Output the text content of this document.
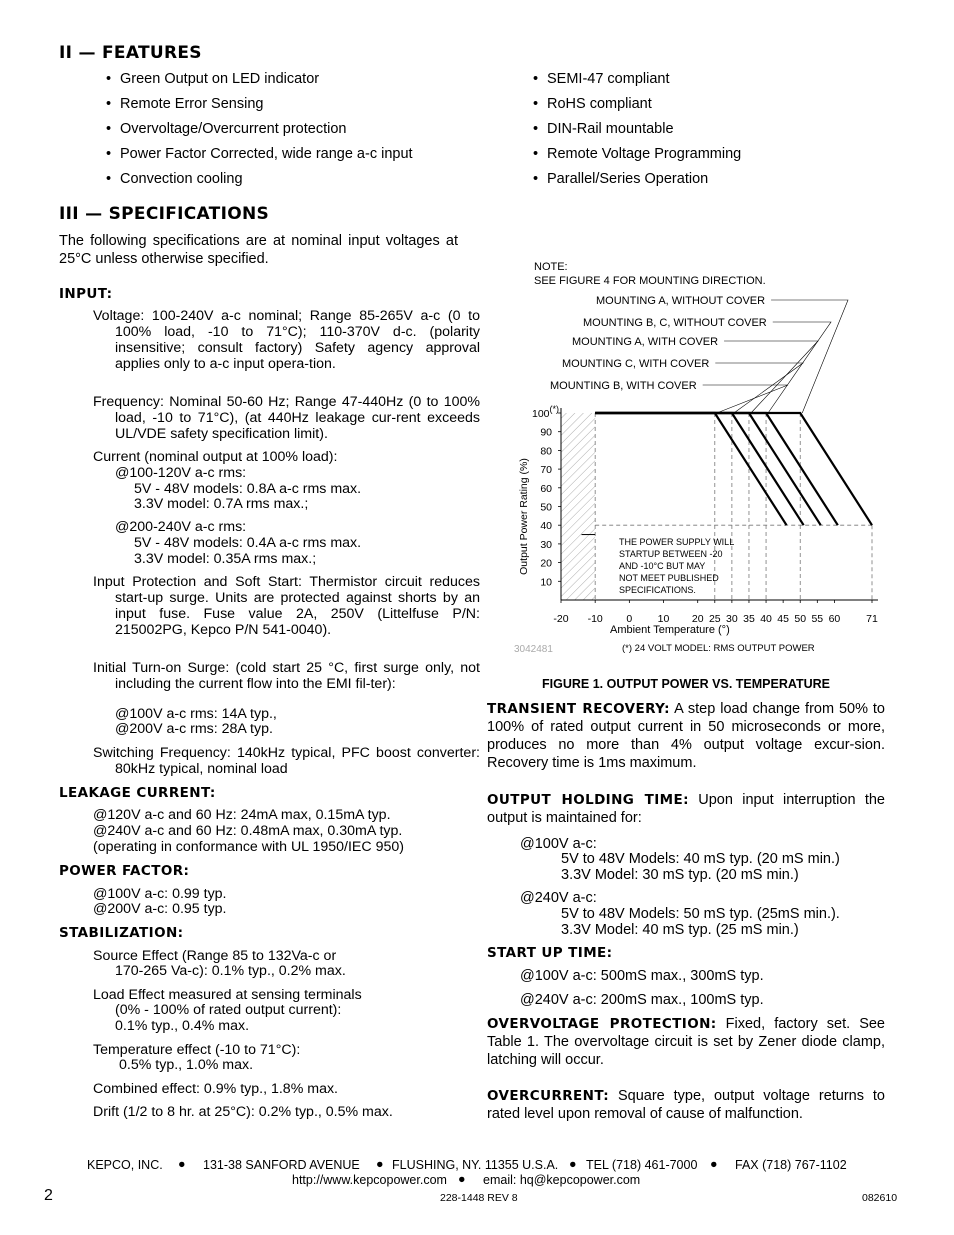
II — FEATURES
• Green Output on LED indicator
• Remote Error Sensing
• Overvoltage/Overcurrent protection
• Power Factor Corrected, wide range a-c input
• Convection cooling
• SEMI-47 compliant
• RoHS compliant
• DIN-Rail mountable
• Remote Voltage Programming
• Parallel/Series Operation
III — SPECIFICATIONS
The following specifications are at nominal input voltages at 25°C unless otherwise specified.
INPUT:
Voltage: 100-240V a-c nominal; Range 85-265V a-c (0 to 100% load, -10 to 71°C); 110-370V d-c. (polarity insensitive; consult factory) Safety agency approval applies only to a-c input opera-tion.
Frequency: Nominal 50-60 Hz; Range 47-440Hz (0 to 100% load, -10 to 71°C), (at 440Hz leakage cur-rent exceeds UL/VDE safety specification limit).
Current (nominal output at 100% load):
@100-120V a-c rms:
5V - 48V models: 0.8A a-c rms max.
3.3V model: 0.7A rms max.;
@200-240V a-c rms:
5V - 48V models: 0.4A a-c rms max.
3.3V model: 0.35A rms max.;
Input Protection and Soft Start: Thermistor circuit reduces start-up surge. Units are protected against shorts by an input fuse. Fuse value 2A, 250V (Littelfuse P/N: 215002PG, Kepco P/N 541-0040).
Initial Turn-on Surge: (cold start 25 °C, first surge only, not including the current flow into the EMI fil-ter):
@100V a-c rms: 14A typ.,
@200V a-c rms: 28A typ.
Switching Frequency: 140kHz typical, PFC boost converter: 80kHz typical, nominal load
LEAKAGE CURRENT:
@120V a-c and 60 Hz: 24mA max, 0.15mA typ.
@240V a-c and 60 Hz: 0.48mA max, 0.30mA typ.
(operating in conformance with UL 1950/IEC 950)
POWER FACTOR:
@100V a-c: 0.99 typ.
@200V a-c: 0.95 typ.
STABILIZATION:
Source Effect (Range 85 to 132Va-c or
170-265 Va-c): 0.1% typ., 0.2% max.
Load Effect measured at sensing terminals
(0% - 100% of rated output current):
0.1% typ., 0.4% max.
Temperature effect (-10 to 71°C):
0.5% typ., 1.0% max.
Combined effect: 0.9% typ., 1.8% max.
Drift (1/2 to 8 hr. at 25°C): 0.2% typ., 0.5% max.
NOTE:
SEE FIGURE 4 FOR MOUNTING DIRECTION.
MOUNTING A, WITHOUT COVER
MOUNTING B, C, WITHOUT COVER
MOUNTING A, WITH COVER
MOUNTING C, WITH COVER
MOUNTING B, WITH COVER
100(*)
90
80
70
60
50
40
30
20
10
-20 -10 0 10 20 25 30 35 40 45 50 55 60 71
THE POWER SUPPLY WILL STARTUP BETWEEN -20 AND -10°C BUT MAY NOT MEET PUBLISHED SPECIFICATIONS.
Output Power Rating (%)
Ambient Temperature (°)
3042481	(*) 24 VOLT MODEL: RMS OUTPUT POWER
FIGURE 1. OUTPUT POWER VS. TEMPERATURE
TRANSIENT RECOVERY: A step load change from 50% to 100% of rated output current in 50 microseconds or more, produces no more than 4% output voltage excur-sion. Recovery time is 1ms maximum.
OUTPUT HOLDING TIME: Upon input interruption the output is maintained for:
@100V a-c:
5V to 48V Models: 40 mS typ. (20 mS min.)
3.3V Model: 30 mS typ. (20 mS min.)
@240V a-c:
5V to 48V Models: 50 mS typ. (25mS min.).
3.3V Model: 40 mS typ. (25 mS min.)
START UP TIME:
@100V a-c: 500mS max., 300mS typ.
@240V a-c: 200mS max., 100mS typ.
OVERVOLTAGE PROTECTION: Fixed, factory set. See Table 1. The overvoltage circuit is set by Zener diode clamp, latching will occur.
OVERCURRENT: Square type, output voltage returns to rated level upon removal of cause of malfunction.
KEPCO, INC. ● 131-38 SANFORD AVENUE ● FLUSHING, NY. 11355 U.S.A. ● TEL (718) 461-7000 ● FAX (718) 767-1102
http://www.kepcopower.com ● email: hq@kepcopower.com
2	228-1448 REV 8	082610
